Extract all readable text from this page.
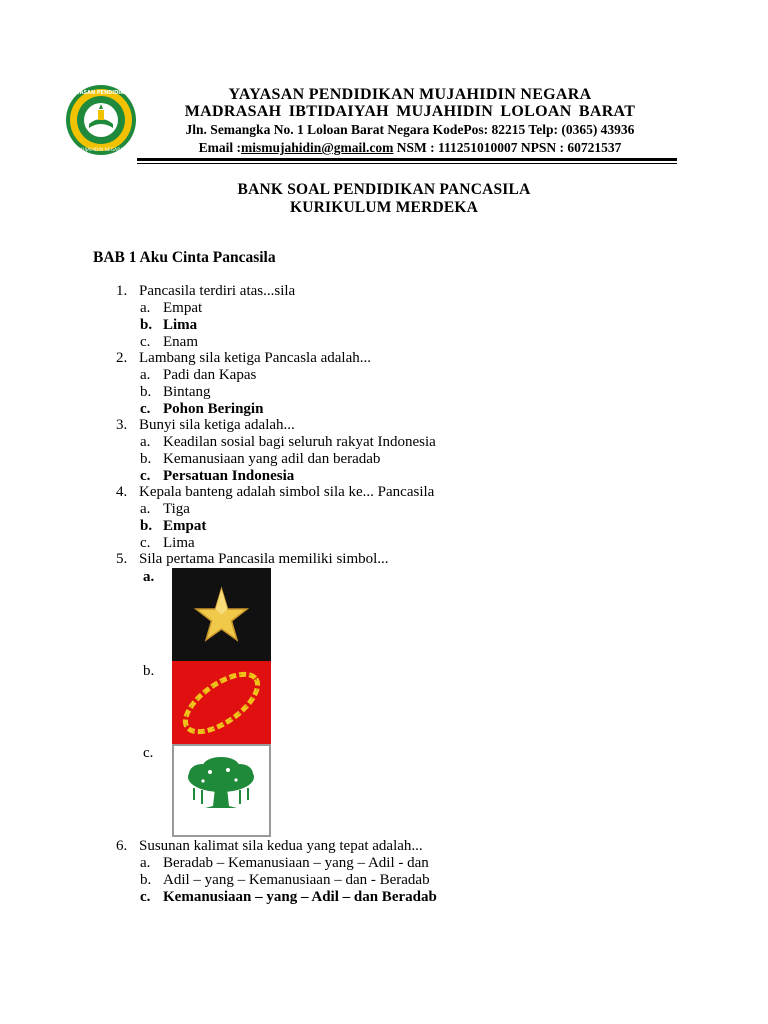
YAYASAN PENDIDIKAN
MUJAHIDIN NEGARA
YAYASAN PENDIDIKAN MUJAHIDIN NEGARA
MADRASAH IBTIDAIYAH MUJAHIDIN LOLOAN BARAT
Jln. Semangka No. 1 Loloan Barat Negara KodePos: 82215 Telp: (0365) 43936
Email :mismujahidin@gmail.com NSM : 111251010007 NPSN : 60721537
BANK SOAL PENDIDIKAN PANCASILA
KURIKULUM MERDEKA
BAB 1 Aku Cinta Pancasila
1. Pancasila terdiri atas...sila
a. Empat
b. Lima
c. Enam
2. Lambang sila ketiga Pancasla adalah...
a. Padi dan Kapas
b. Bintang
c. Pohon Beringin
3. Bunyi sila ketiga adalah...
a. Keadilan sosial bagi seluruh rakyat Indonesia
b. Kemanusiaan yang adil dan beradab
c. Persatuan Indonesia
4. Kepala banteng adalah simbol sila ke... Pancasila
a. Tiga
b. Empat
c. Lima
5. Sila pertama Pancasila memiliki simbol...
a.
b.
c.
6. Susunan kalimat sila kedua yang tepat adalah...
a. Beradab – Kemanusiaan – yang – Adil - dan
b. Adil – yang – Kemanusiaan – dan - Beradab
c. Kemanusiaan – yang – Adil – dan Beradab
